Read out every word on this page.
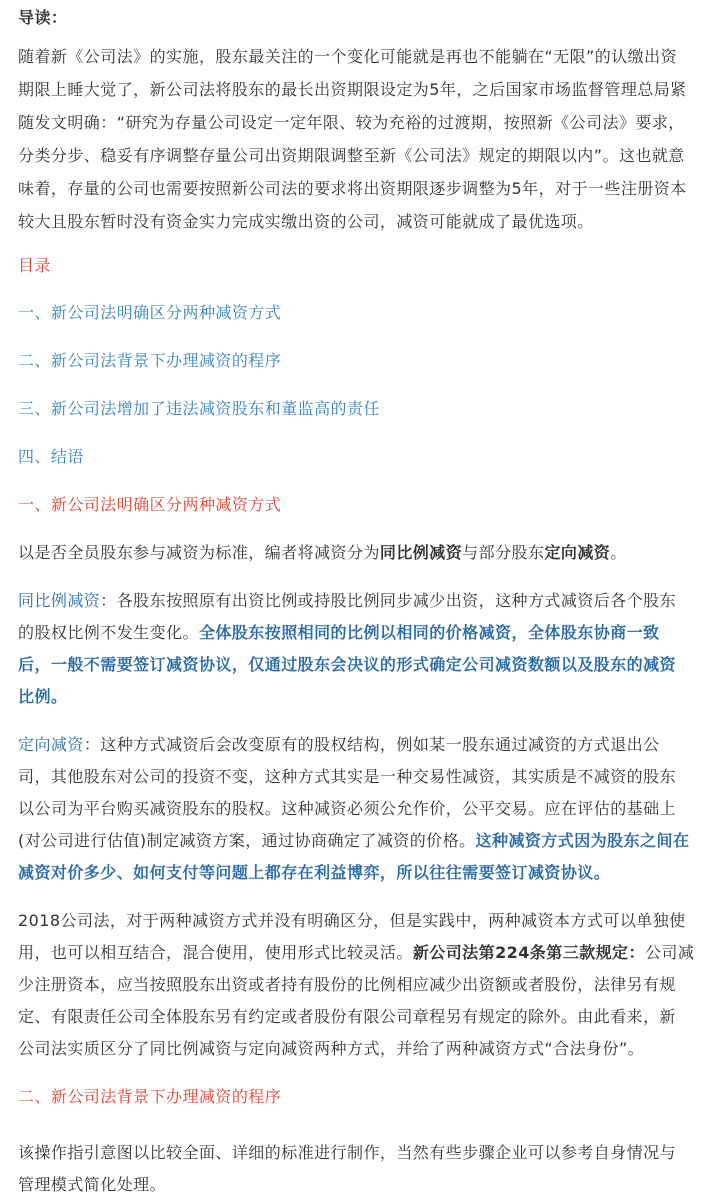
导读：
随着新《公司法》的实施，股东最关注的一个变化可能就是再也不能躺在“无限”的认缴出资
期限上睡大觉了，新公司法将股东的最长出资期限设定为5年，之后国家市场监督管理总局紧
随发文明确：“研究为存量公司设定一定年限、较为充裕的过渡期，按照新《公司法》要求，
分类分步、稳妥有序调整存量公司出资期限调整至新《公司法》规定的期限以内”。这也就意
味着，存量的公司也需要按照新公司法的要求将出资期限逐步调整为5年，对于一些注册资本
较大且股东暂时没有资金实力完成实缴出资的公司，减资可能就成了最优选项。
目录
一、新公司法明确区分两种减资方式
二、新公司法背景下办理减资的程序
三、新公司法增加了违法减资股东和董监高的责任
四、结语
一、新公司法明确区分两种减资方式
以是否全员股东参与减资为标准，编者将减资分为同比例减资与部分股东定向减资。
同比例减资：各股东按照原有出资比例或持股比例同步减少出资，这种方式减资后各个股东
的股权比例不发生变化。全体股东按照相同的比例以相同的价格减资，全体股东协商一致
后，一般不需要签订减资协议，仅通过股东会决议的形式确定公司减资数额以及股东的减资
比例。
定向减资：这种方式减资后会改变原有的股权结构，例如某一股东通过减资的方式退出公
司，其他股东对公司的投资不变，这种方式其实是一种交易性减资，其实质是不减资的股东
以公司为平台购买减资股东的股权。这种减资必须公允作价，公平交易。应在评估的基础上
(对公司进行估值)制定减资方案，通过协商确定了减资的价格。这种减资方式因为股东之间在
减资对价多少、如何支付等问题上都存在利益博弈，所以往往需要签订减资协议。
2018公司法，对于两种减资方式并没有明确区分，但是实践中，两种减资本方式可以单独使
用，也可以相互结合，混合使用，使用形式比较灵活。新公司法第224条第三款规定：公司减
少注册资本，应当按照股东出资或者持有股份的比例相应减少出资额或者股份，法律另有规
定、有限责任公司全体股东另有约定或者股份有限公司章程另有规定的除外。由此看来，新
公司法实质区分了同比例减资与定向减资两种方式，并给了两种减资方式“合法身份”。
二、新公司法背景下办理减资的程序
该操作指引意图以比较全面、详细的标准进行制作，当然有些步骤企业可以参考自身情况与
管理模式简化处理。
